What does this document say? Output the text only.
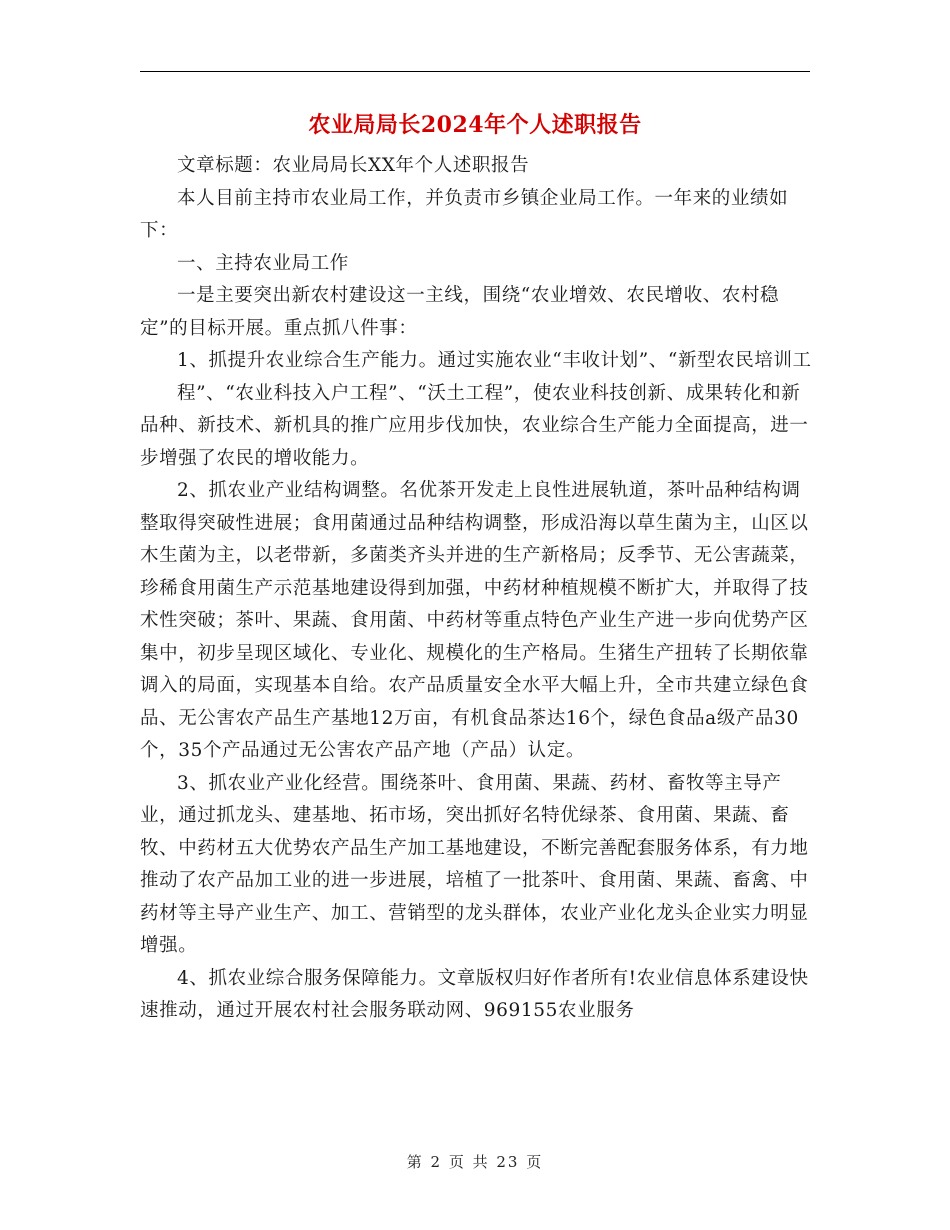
农业局局长2024年个人述职报告

文章标题：农业局局长XX年个人述职报告

本人目前主持市农业局工作，并负责市乡镇企业局工作。一年来的业绩如下：

一、主持农业局工作

一是主要突出新农村建设这一主线，围绕“农业增效、农民增收、农村稳定”的目标开展。重点抓八件事：

1、抓提升农业综合生产能力。通过实施农业“丰收计划”、“新型农民培训工

程”、“农业科技入户工程”、“沃土工程”，使农业科技创新、成果转化和新品种、新技术、新机具的推广应用步伐加快，农业综合生产能力全面提高，进一步增强了农民的增收能力。

2、抓农业产业结构调整。名优茶开发走上良性进展轨道，茶叶品种结构调整取得突破性进展；食用菌通过品种结构调整，形成沿海以草生菌为主，山区以木生菌为主，以老带新，多菌类齐头并进的生产新格局；反季节、无公害蔬菜，珍稀食用菌生产示范基地建设得到加强，中药材种植规模不断扩大，并取得了技术性突破；茶叶、果蔬、食用菌、中药材等重点特色产业生产进一步向优势产区集中，初步呈现区域化、专业化、规模化的生产格局。生猪生产扭转了长期依靠调入的局面，实现基本自给。农产品质量安全水平大幅上升，全市共建立绿色食品、无公害农产品生产基地12万亩，有机食品茶达16个，绿色食品a级产品30个，35个产品通过无公害农产品产地（产品）认定。

3、抓农业产业化经营。围绕茶叶、食用菌、果蔬、药材、畜牧等主导产业，通过抓龙头、建基地、拓市场，突出抓好名特优绿茶、食用菌、果蔬、畜牧、中药材五大优势农产品生产加工基地建设，不断完善配套服务体系，有力地推动了农产品加工业的进一步进展，培植了一批茶叶、食用菌、果蔬、畜禽、中药材等主导产业生产、加工、营销型的龙头群体，农业产业化龙头企业实力明显增强。

4、抓农业综合服务保障能力。文章版权归好作者所有!农业信息体系建设快速推动，通过开展农村社会服务联动网、969155农业服务

第 2 页 共 23 页
